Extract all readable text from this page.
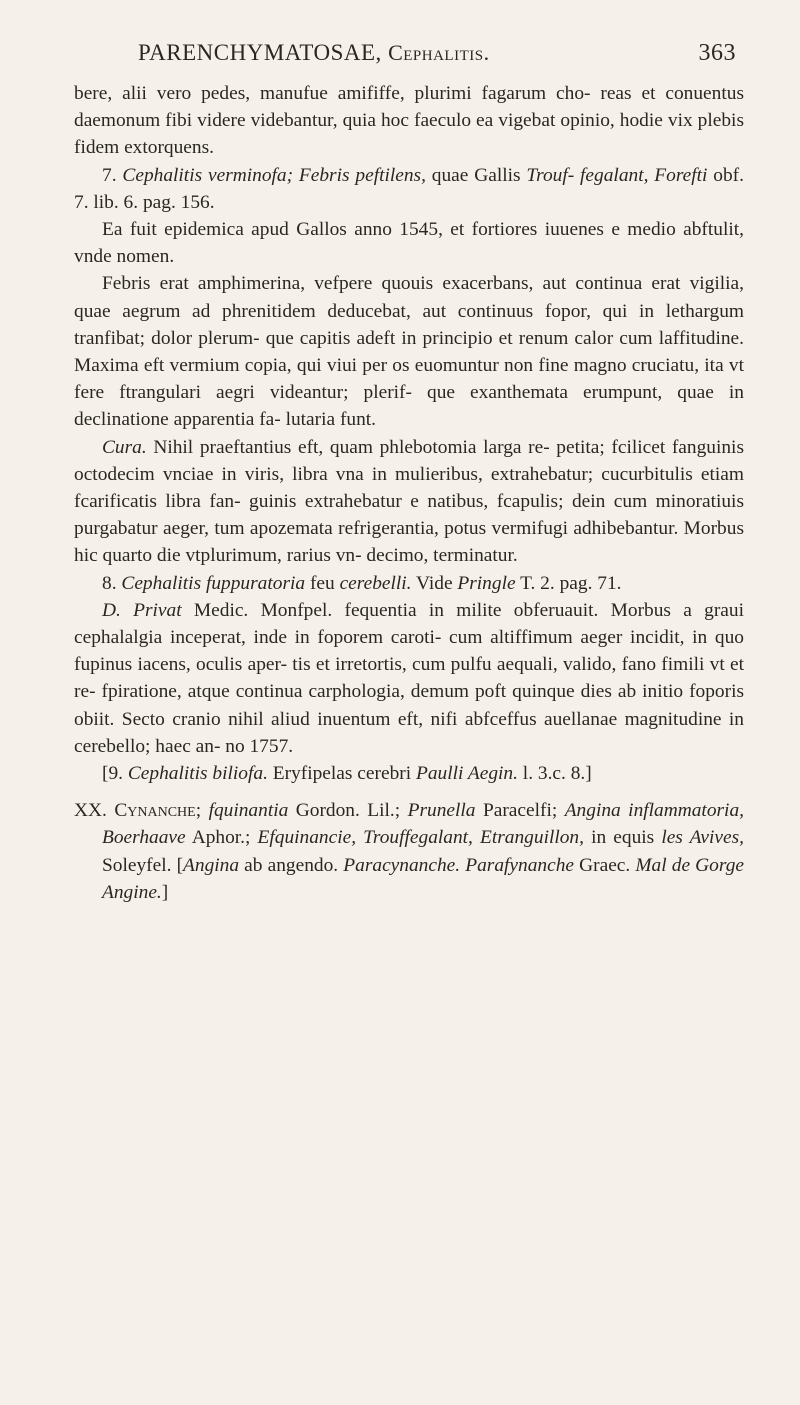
PARENCHYMATOSAE, Cephalitis.	363

bere, alii vero pedes, manufue amififfe, plurimi fagarum cho- reas et conuentus daemonum fibi videre videbantur, quia hoc faeculo ea vigebat opinio, hodie vix plebis fidem extorquens.

7. Cephalitis verminofa; Febris peftilens, quae Gallis Trouf- fegalant, Forefti obf. 7. lib. 6. pag. 156.

Ea fuit epidemica apud Gallos anno 1545, et fortiores iuuenes e medio abftulit, vnde nomen.

Febris erat amphimerina, vefpere quouis exacerbans, aut continua erat vigilia, quae aegrum ad phrenitidem deducebat, aut continuus fopor, qui in lethargum tranfibat; dolor plerum- que capitis adeft in principio et renum calor cum laffitudine. Maxima eft vermium copia, qui viui per os euomuntur non fine magno cruciatu, ita vt fere ftrangulari aegri videantur; plerif- que exanthemata erumpunt, quae in declinatione apparentia fa- lutaria funt.

Cura. Nihil praeftantius eft, quam phlebotomia larga re- petita; fcilicet fanguinis octodecim vnciae in viris, libra vna in mulieribus, extrahebatur; cucurbitulis etiam fcarificatis libra fan- guinis extrahebatur e natibus, fcapulis; dein cum minoratiuis purgabatur aeger, tum apozemata refrigerantia, potus vermifugi adhibebantur. Morbus hic quarto die vtplurimum, rarius vn- decimo, terminatur.

8. Cephalitis fuppuratoria feu cerebelli. Vide Pringle T. 2. pag. 71.

D. Privat Medic. Monfpel. fequentia in milite obferuauit. Morbus a graui cephalalgia inceperat, inde in foporem caroti- cum altiffimum aeger incidit, in quo fupinus iacens, oculis aper- tis et irretortis, cum pulfu aequali, valido, fano fimili vt et re- fpiratione, atque continua carphologia, demum poft quinque dies ab initio foporis obiit. Secto cranio nihil aliud inuentum eft, nifi abfceffus auellanae magnitudine in cerebello; haec an- no 1757.

[9. Cephalitis biliofa. Eryfipelas cerebri Paulli Aegin. l. 3.c. 8.]

XX. Cynanche; fquinantia Gordon. Lil.; Prunella Paracelfi; Angina inflammatoria, Boerhaave Aphor.; Efquinancie, Trouffegalant, Etranguillon, in equis les Avives, Soleyfel. [Angina ab angendo. Paracynanche. Parafynanche Graec. Mal de Gorge Angine.]
